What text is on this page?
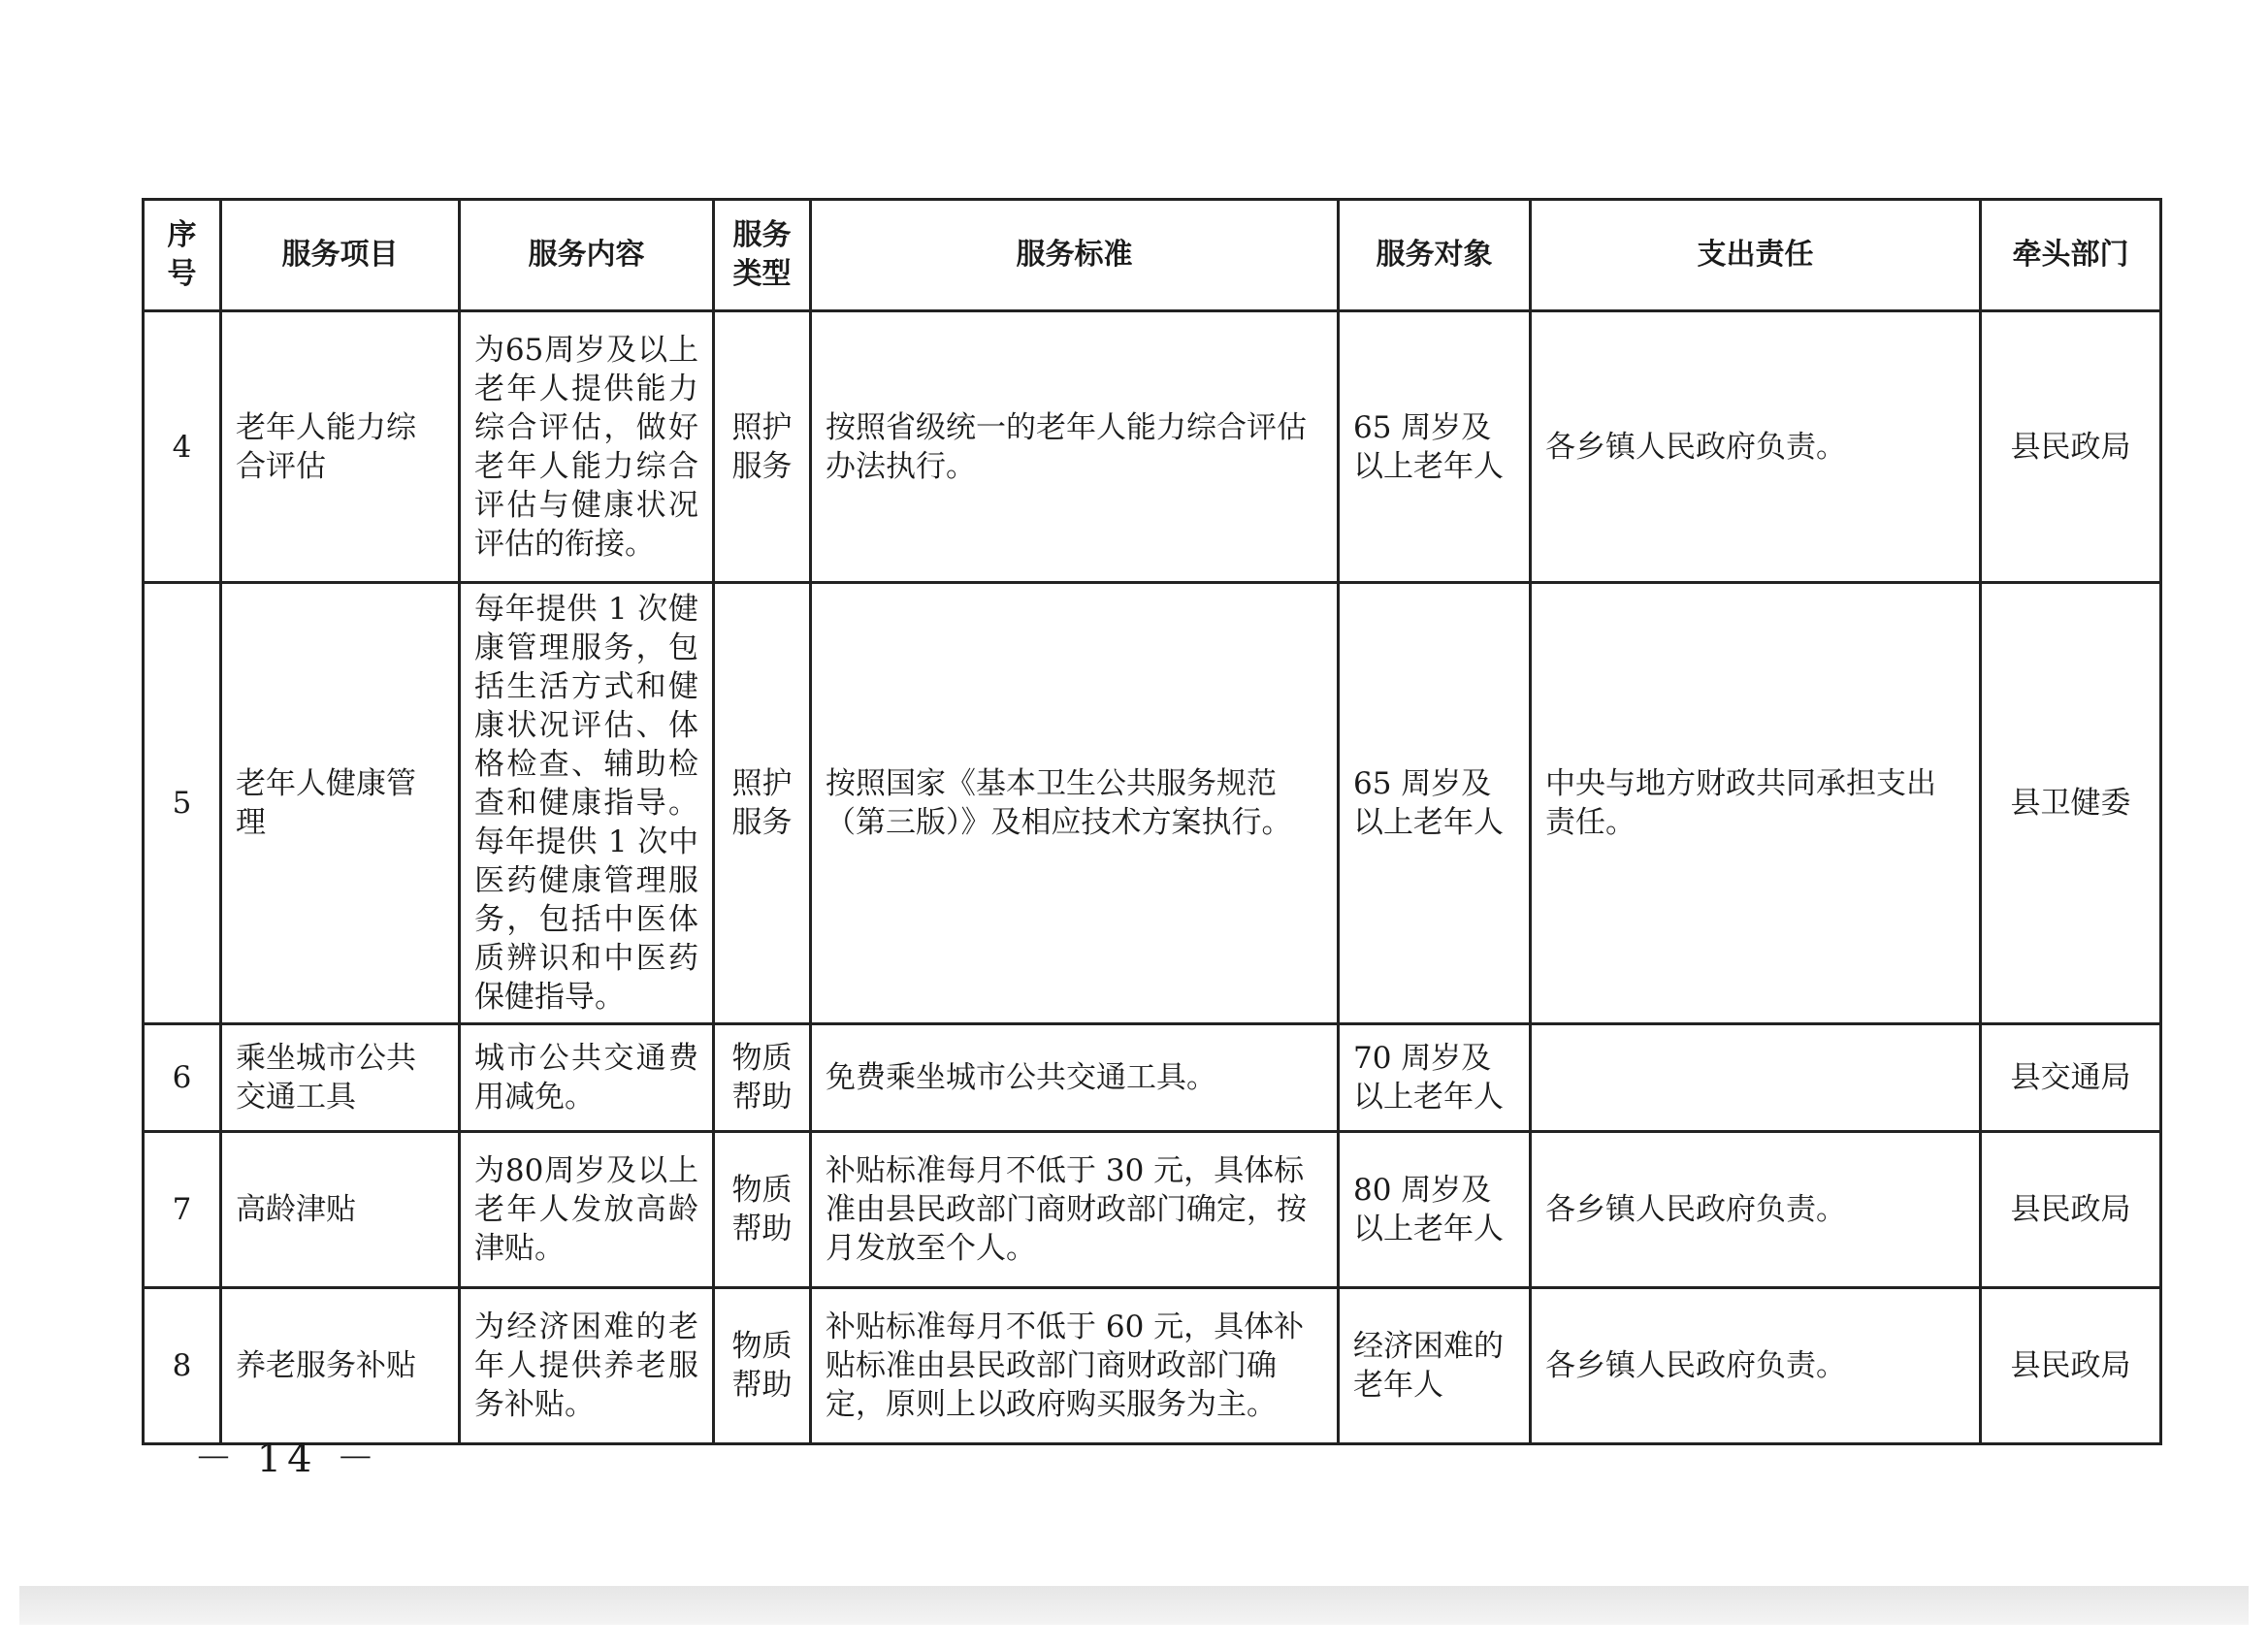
序号	服务项目	服务内容	服务类型	服务标准	服务对象	支出责任	牵头部门
4	老年人能力综合评估	为65周岁及以上老年人提供能力综合评估，做好老年人能力综合评估与健康状况评估的衔接。	照护服务	按照省级统一的老年人能力综合评估办法执行。	65 周岁及以上老年人	各乡镇人民政府负责。	县民政局
5	老年人健康管理	每年提供 1 次健康管理服务，包括生活方式和健康状况评估、体格检查、辅助检查和健康指导。每年提供 1 次中医药健康管理服务，包括中医体质辨识和中医药保健指导。	照护服务	按照国家《基本卫生公共服务规范（第三版）》及相应技术方案执行。	65 周岁及以上老年人	中央与地方财政共同承担支出责任。	县卫健委
6	乘坐城市公共交通工具	城市公共交通费用减免。	物质帮助	免费乘坐城市公共交通工具。	70 周岁及以上老年人		县交通局
7	高龄津贴	为80周岁及以上老年人发放高龄津贴。	物质帮助	补贴标准每月不低于 30 元，具体标准由县民政部门商财政部门确定，按月发放至个人。	80 周岁及以上老年人	各乡镇人民政府负责。	县民政局
8	养老服务补贴	为经济困难的老年人提供养老服务补贴。	物质帮助	补贴标准每月不低于 60 元，具体补贴标准由县民政部门商财政部门确定，原则上以政府购买服务为主。	经济困难的老年人	各乡镇人民政府负责。	县民政局
－ 14 －
